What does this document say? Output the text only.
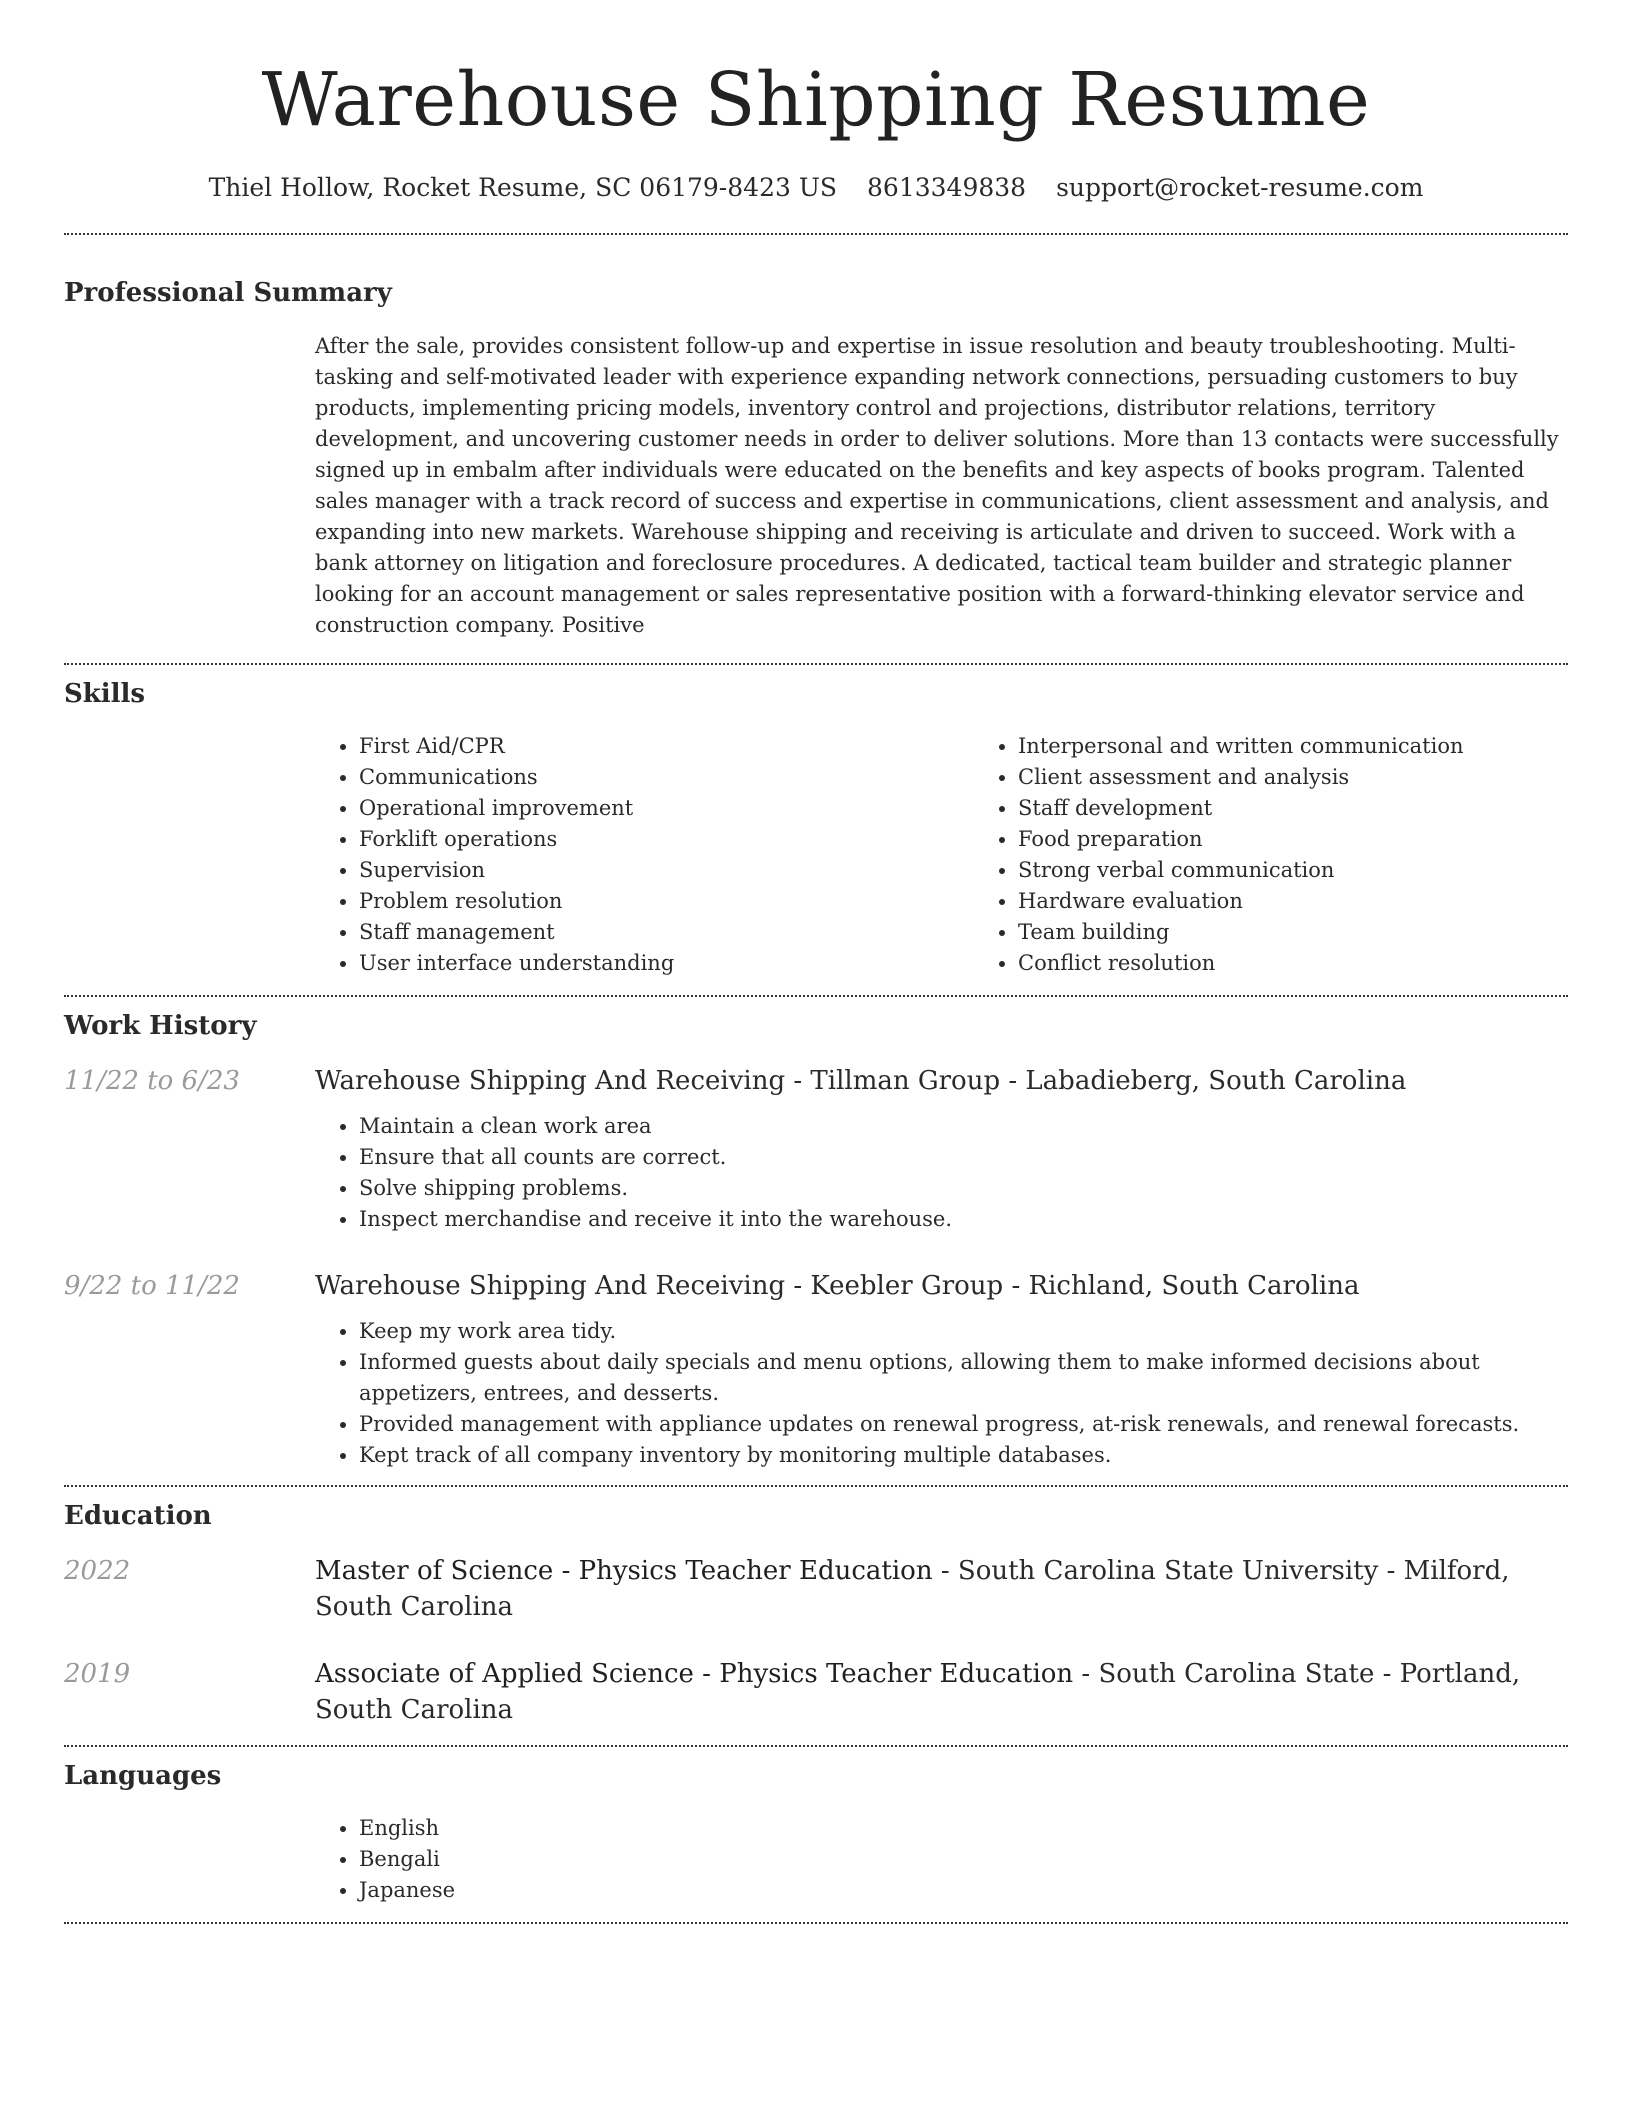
Warehouse Shipping Resume
Thiel Hollow, Rocket Resume, SC 06179-8423 US 8613349838 support@rocket-resume.com
Professional Summary

After the sale, provides consistent follow-up and expertise in issue resolution and beauty troubleshooting. Multi-tasking and self-motivated leader with experience expanding network connections, persuading customers to buy products, implementing pricing models, inventory control and projections, distributor relations, territory development, and uncovering customer needs in order to deliver solutions. More than 13 contacts were successfully signed up in embalm after individuals were educated on the benefits and key aspects of books program. Talented sales manager with a track record of success and expertise in communications, client assessment and analysis, and expanding into new markets. Warehouse shipping and receiving is articulate and driven to succeed. Work with a bank attorney on litigation and foreclosure procedures. A dedicated, tactical team builder and strategic planner looking for an account management or sales representative position with a forward-thinking elevator service and construction company. Positive

Skills
• First Aid/CPR
• Communications
• Operational improvement
• Forklift operations
• Supervision
• Problem resolution
• Staff management
• User interface understanding
• Interpersonal and written communication
• Client assessment and analysis
• Staff development
• Food preparation
• Strong verbal communication
• Hardware evaluation
• Team building
• Conflict resolution
Work History
11/22 to 6/23	Warehouse Shipping And Receiving - Tillman Group - Labadieberg, South Carolina
• Maintain a clean work area
• Ensure that all counts are correct.
• Solve shipping problems.
• Inspect merchandise and receive it into the warehouse.
9/22 to 11/22	Warehouse Shipping And Receiving - Keebler Group - Richland, South Carolina
• Keep my work area tidy.
• Informed guests about daily specials and menu options, allowing them to make informed decisions about appetizers, entrees, and desserts.
• Provided management with appliance updates on renewal progress, at-risk renewals, and renewal forecasts.
• Kept track of all company inventory by monitoring multiple databases.
Education
2022	Master of Science - Physics Teacher Education - South Carolina State University - Milford, South Carolina
2019	Associate of Applied Science - Physics Teacher Education - South Carolina State - Portland, South Carolina
Languages
• English
• Bengali
• Japanese
